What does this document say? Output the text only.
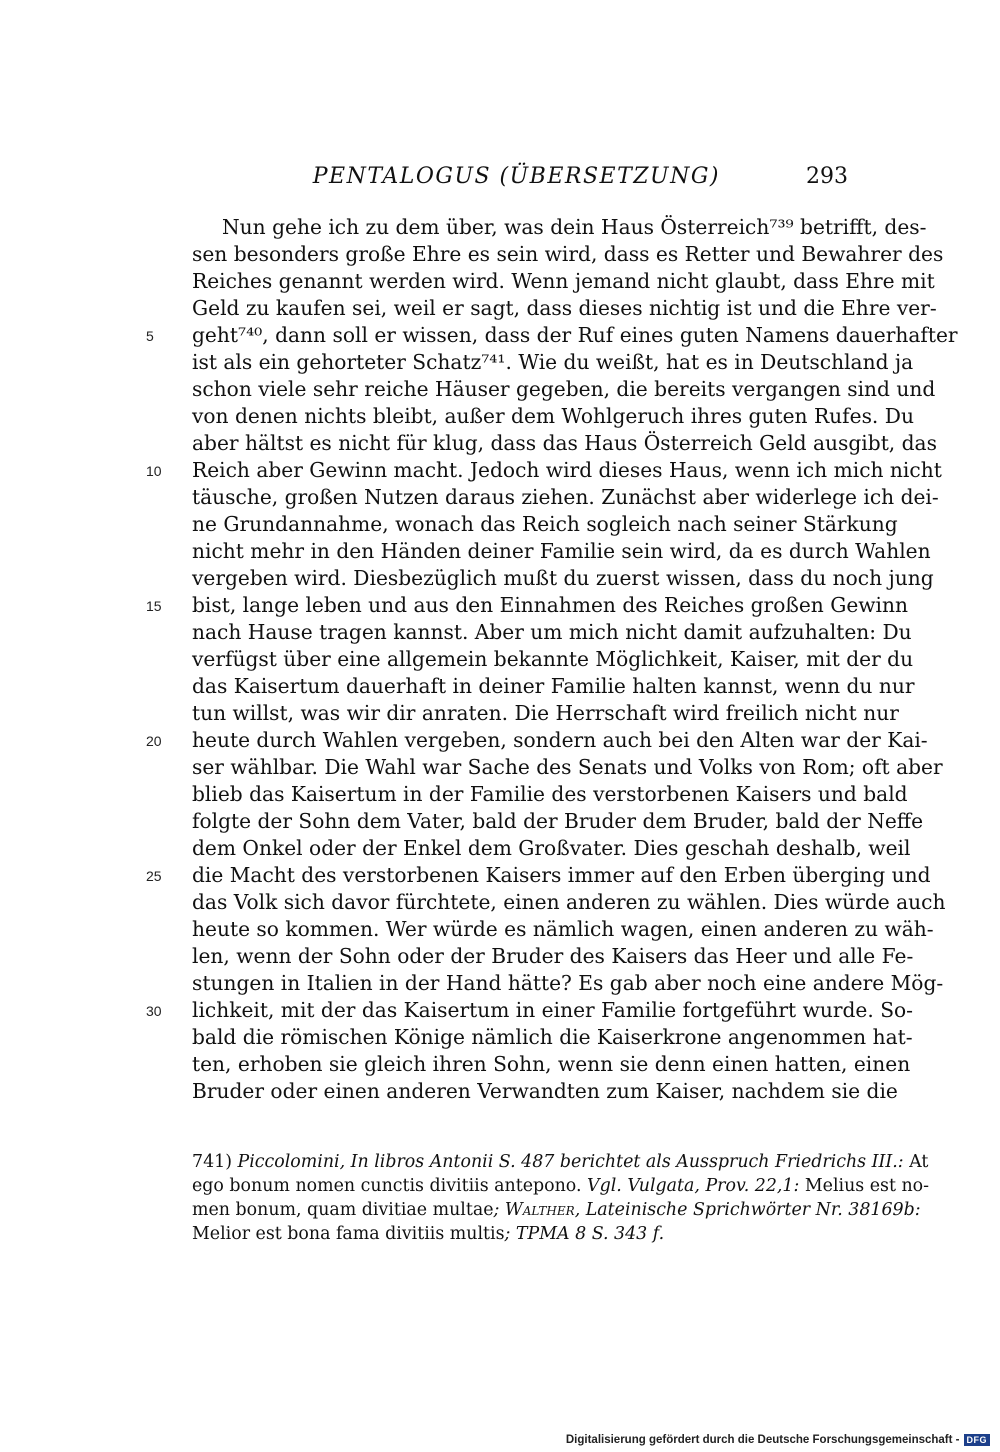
PENTALOGUS (ÜBERSETZUNG)	293
Nun gehe ich zu dem über, was dein Haus Österreich⁷³⁹ betrifft, des-
sen besonders große Ehre es sein wird, dass es Retter und Bewahrer des
Reiches genannt werden wird. Wenn jemand nicht glaubt, dass Ehre mit
Geld zu kaufen sei, weil er sagt, dass dieses nichtig ist und die Ehre ver-
5	geht⁷⁴⁰, dann soll er wissen, dass der Ruf eines guten Namens dauerhafter
ist als ein gehorteter Schatz⁷⁴¹. Wie du weißt, hat es in Deutschland ja
schon viele sehr reiche Häuser gegeben, die bereits vergangen sind und
von denen nichts bleibt, außer dem Wohlgeruch ihres guten Rufes. Du
aber hältst es nicht für klug, dass das Haus Österreich Geld ausgibt, das
10	Reich aber Gewinn macht. Jedoch wird dieses Haus, wenn ich mich nicht
täusche, großen Nutzen daraus ziehen. Zunächst aber widerlege ich dei-
ne Grundannahme, wonach das Reich sogleich nach seiner Stärkung
nicht mehr in den Händen deiner Familie sein wird, da es durch Wahlen
vergeben wird. Diesbezüglich mußt du zuerst wissen, dass du noch jung
15	bist, lange leben und aus den Einnahmen des Reiches großen Gewinn
nach Hause tragen kannst. Aber um mich nicht damit aufzuhalten: Du
verfügst über eine allgemein bekannte Möglichkeit, Kaiser, mit der du
das Kaisertum dauerhaft in deiner Familie halten kannst, wenn du nur
tun willst, was wir dir anraten. Die Herrschaft wird freilich nicht nur
20	heute durch Wahlen vergeben, sondern auch bei den Alten war der Kai-
ser wählbar. Die Wahl war Sache des Senats und Volks von Rom; oft aber
blieb das Kaisertum in der Familie des verstorbenen Kaisers und bald
folgte der Sohn dem Vater, bald der Bruder dem Bruder, bald der Neffe
dem Onkel oder der Enkel dem Großvater. Dies geschah deshalb, weil
25	die Macht des verstorbenen Kaisers immer auf den Erben überging und
das Volk sich davor fürchtete, einen anderen zu wählen. Dies würde auch
heute so kommen. Wer würde es nämlich wagen, einen anderen zu wäh-
len, wenn der Sohn oder der Bruder des Kaisers das Heer und alle Fe-
stungen in Italien in der Hand hätte? Es gab aber noch eine andere Mög-
30	lichkeit, mit der das Kaisertum in einer Familie fortgeführt wurde. So-
bald die römischen Könige nämlich die Kaiserkrone angenommen hat-
ten, erhoben sie gleich ihren Sohn, wenn sie denn einen hatten, einen
Bruder oder einen anderen Verwandten zum Kaiser, nachdem sie die
741) Piccolomini, In libros Antonii S. 487 berichtet als Ausspruch Friedrichs III.: At
ego bonum nomen cunctis divitiis antepono. Vgl. Vulgata, Prov. 22,1: Melius est no-
men bonum, quam divitiae multae; Walther, Lateinische Sprichwörter Nr. 38169b:
Melior est bona fama divitiis multis; TPMA 8 S. 343 f.
Digitalisierung gefördert durch die Deutsche Forschungsgemeinschaft - DFG
